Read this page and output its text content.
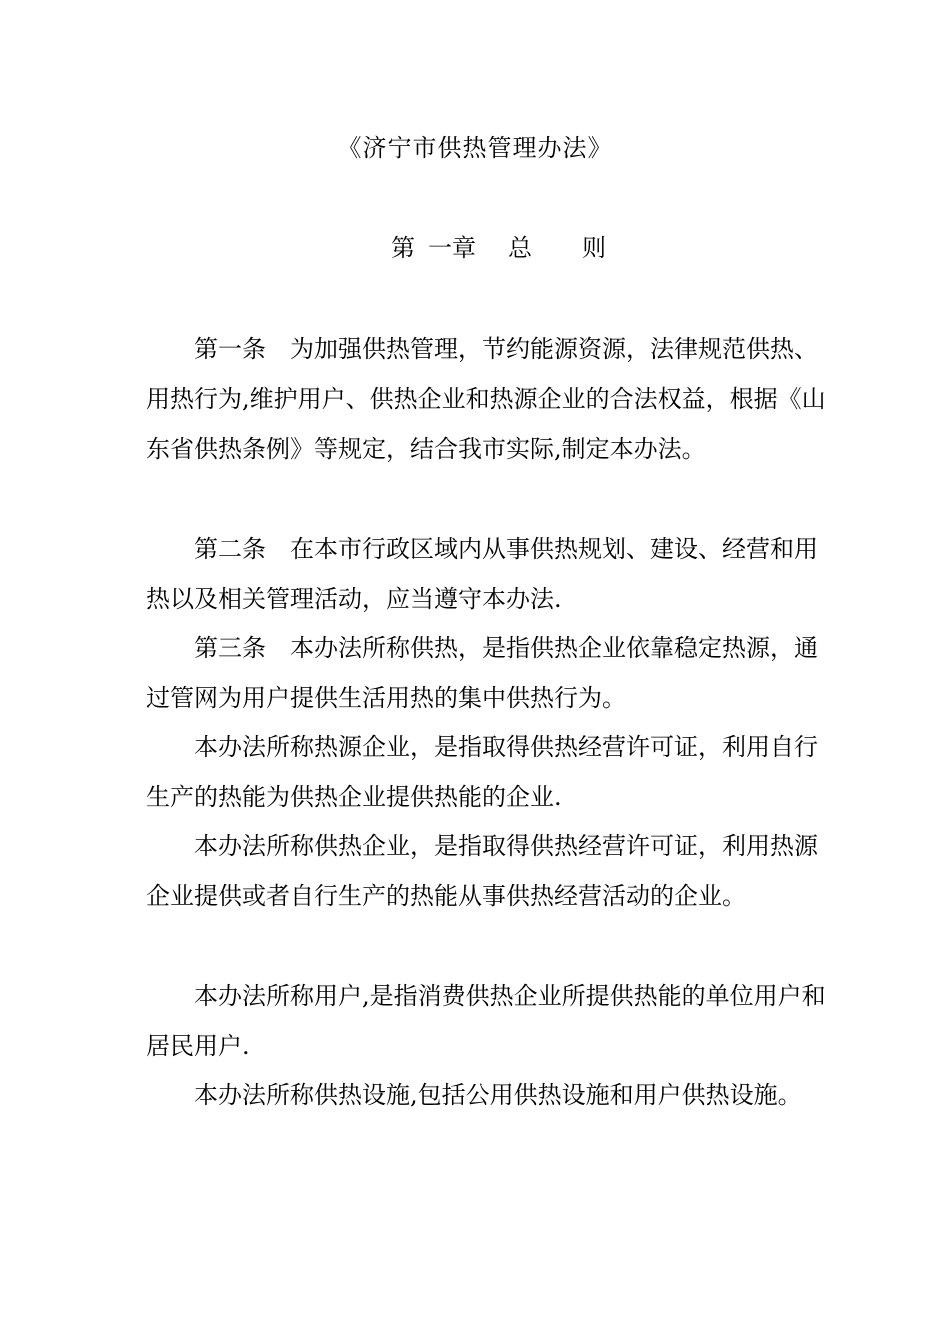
《济宁市供热管理办法》
第 一章 总 则

第一条 为加强供热管理，节约能源资源，法律规范供热、用热行为,维护用户、供热企业和热源企业的合法权益，根据《山东省供热条例》等规定，结合我市实际,制定本办法。

第二条 在本市行政区域内从事供热规划、建设、经营和用热以及相关管理活动，应当遵守本办法.

第三条 本办法所称供热，是指供热企业依靠稳定热源，通过管网为用户提供生活用热的集中供热行为。

本办法所称热源企业，是指取得供热经营许可证，利用自行生产的热能为供热企业提供热能的企业.

本办法所称供热企业，是指取得供热经营许可证，利用热源企业提供或者自行生产的热能从事供热经营活动的企业。

本办法所称用户,是指消费供热企业所提供热能的单位用户和居民用户.

本办法所称供热设施,包括公用供热设施和用户供热设施。
